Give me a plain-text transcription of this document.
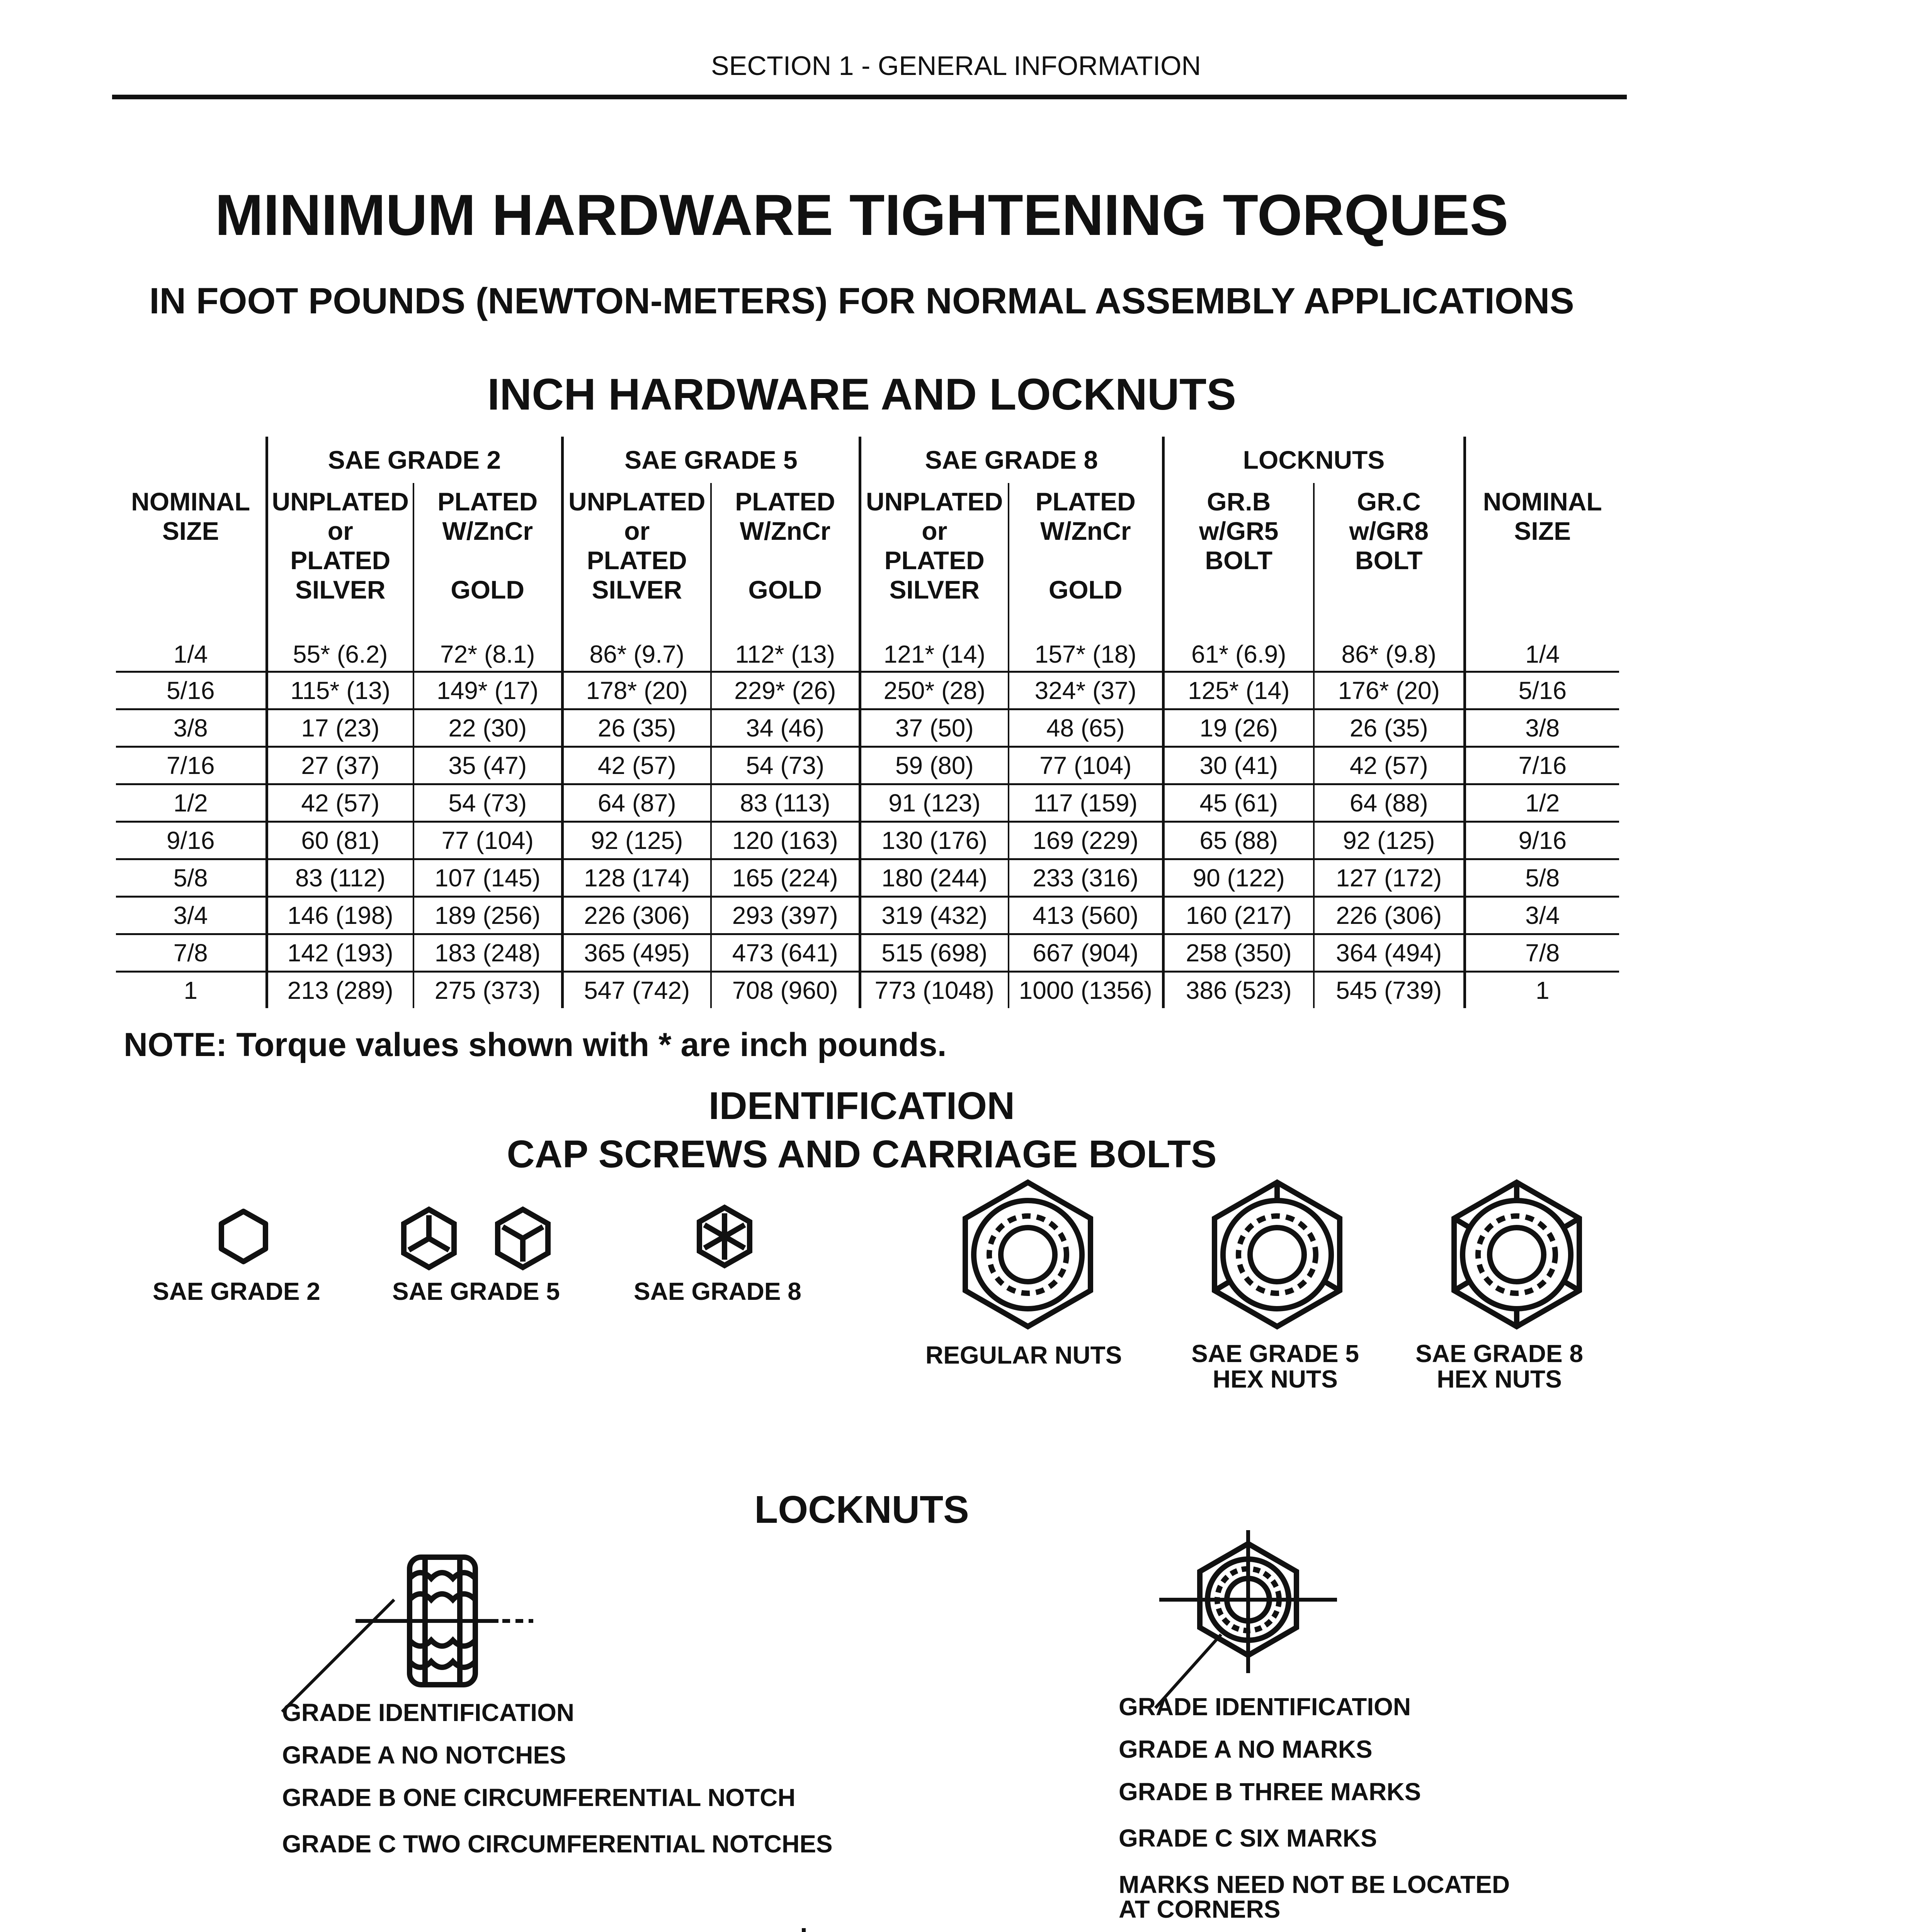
SECTION 1 - GENERAL INFORMATION
MINIMUM HARDWARE TIGHTENING TORQUES
IN FOOT POUNDS (NEWTON-METERS) FOR NORMAL ASSEMBLY APPLICATIONS
INCH HARDWARE AND LOCKNUTS
	SAE GRADE 2		SAE GRADE 5		SAE GRADE 8		LOCKNUTS		
NOMINAL
SIZE	UNPLATED
or
PLATED
SILVER	PLATED
W/ZnCr

GOLD	UNPLATED
or
PLATED
SILVER	PLATED
W/ZnCr

GOLD	UNPLATED
or
PLATED
SILVER	PLATED
W/ZnCr

GOLD	GR.B
w/GR5
BOLT	GR.C
w/GR8
BOLT	NOMINAL
SIZE
1/4	55* (6.2)	72* (8.1)	86* (9.7)	112* (13)	121* (14)	157* (18)	61* (6.9)	86* (9.8)	1/4
5/16	115* (13)	149* (17)	178* (20)	229* (26)	250* (28)	324* (37)	125* (14)	176* (20)	5/16
3/8	17 (23)	22 (30)	26 (35)	34 (46)	37 (50)	48 (65)	19 (26)	26 (35)	3/8
7/16	27 (37)	35 (47)	42 (57)	54 (73)	59 (80)	77 (104)	30 (41)	42 (57)	7/16
1/2	42 (57)	54 (73)	64 (87)	83 (113)	91 (123)	117 (159)	45 (61)	64 (88)	1/2
9/16	60 (81)	77 (104)	92 (125)	120 (163)	130 (176)	169 (229)	65 (88)	92 (125)	9/16
5/8	83 (112)	107 (145)	128 (174)	165 (224)	180 (244)	233 (316)	90 (122)	127 (172)	5/8
3/4	146 (198)	189 (256)	226 (306)	293 (397)	319 (432)	413 (560)	160 (217)	226 (306)	3/4
7/8	142 (193)	183 (248)	365 (495)	473 (641)	515 (698)	667 (904)	258 (350)	364 (494)	7/8
1	213 (289)	275 (373)	547 (742)	708 (960)	773 (1048)	1000 (1356)	386 (523)	545 (739)	1
NOTE: Torque values shown with * are inch pounds.
IDENTIFICATION
CAP SCREWS AND CARRIAGE BOLTS
SAE GRADE 2	SAE GRADE 5	SAE GRADE 8
REGULAR NUTS	SAE GRADE 5
HEX NUTS
SAE GRADE 8
HEX NUTS
LOCKNUTS
GRADE IDENTIFICATION
GRADE A NO NOTCHES
GRADE B ONE CIRCUMFERENTIAL NOTCH
GRADE C TWO CIRCUMFERENTIAL NOTCHES
GRADE IDENTIFICATION
GRADE A NO MARKS
GRADE B THREE MARKS
GRADE C SIX MARKS
MARKS NEED NOT BE LOCATED
AT CORNERS
